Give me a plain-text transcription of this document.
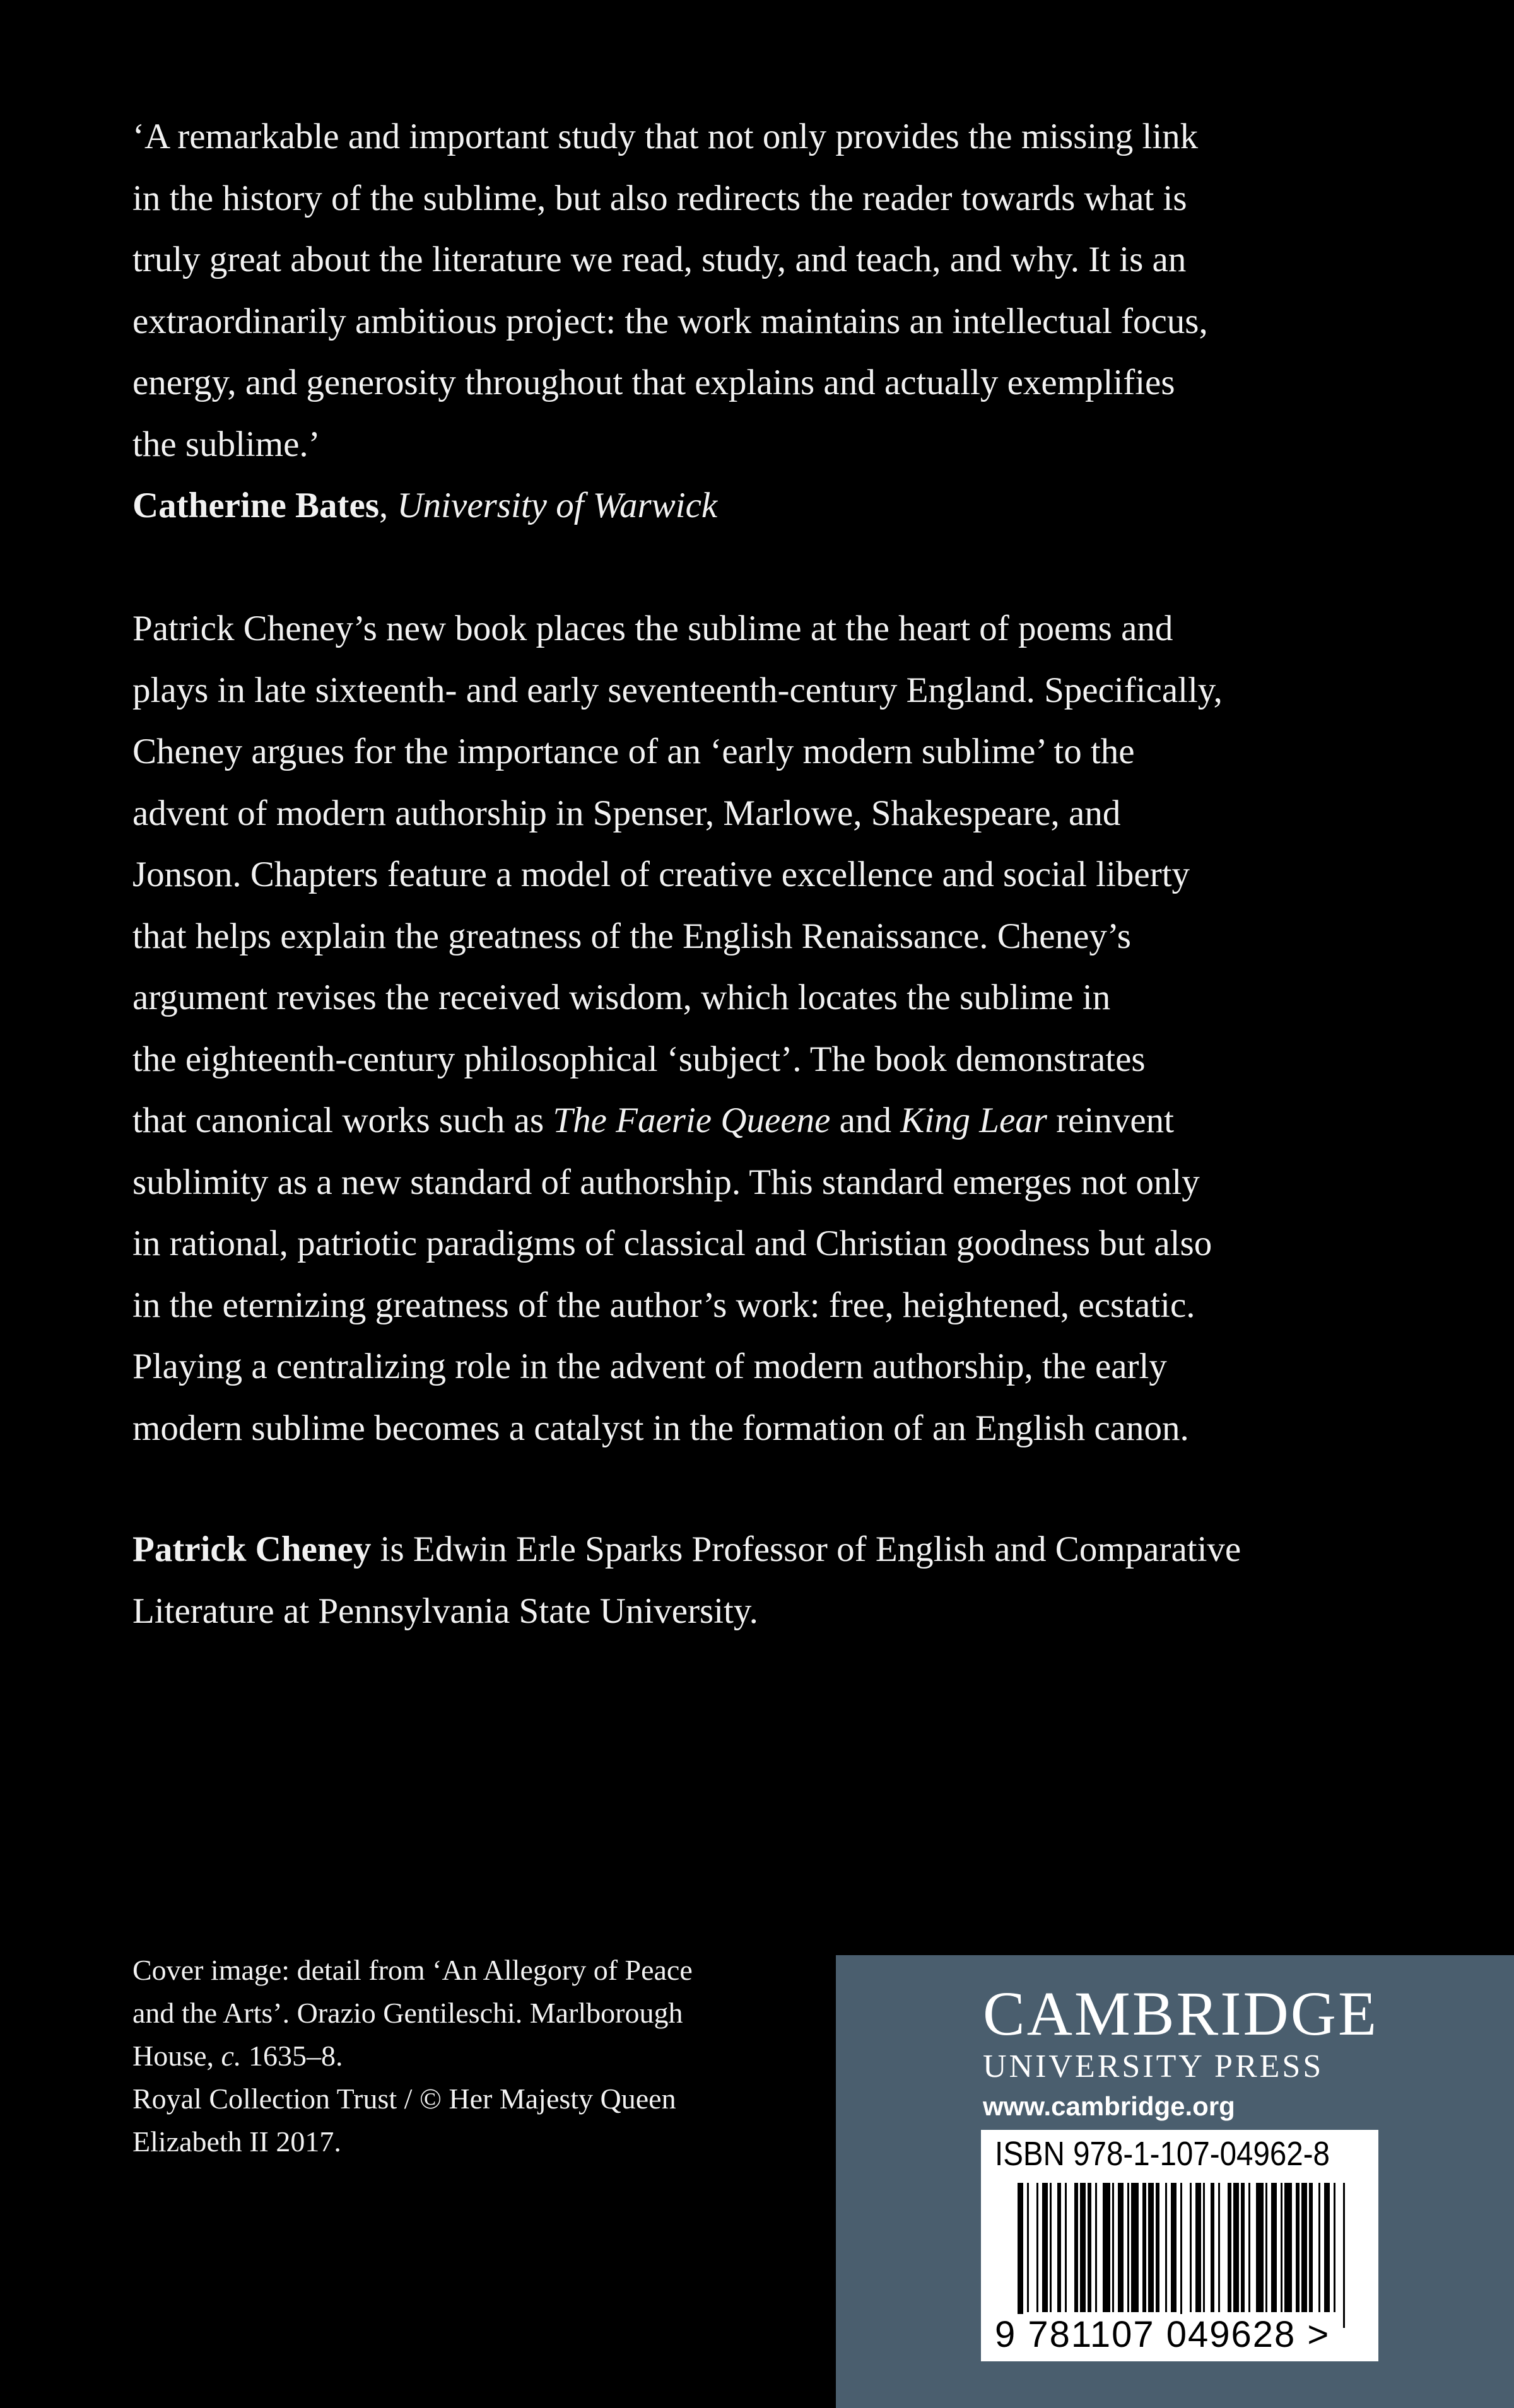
‘A remarkable and important study that not only provides the missing link
in the history of the sublime, but also redirects the reader towards what is
truly great about the literature we read, study, and teach, and why. It is an
extraordinarily ambitious project: the work maintains an intellectual focus,
energy, and generosity throughout that explains and actually exemplifies
the sublime.’
Catherine Bates, University of Warwick
Patrick Cheney’s new book places the sublime at the heart of poems and
plays in late sixteenth- and early seventeenth-century England. Specifically,
Cheney argues for the importance of an ‘early modern sublime’ to the
advent of modern authorship in Spenser, Marlowe, Shakespeare, and
Jonson. Chapters feature a model of creative excellence and social liberty
that helps explain the greatness of the English Renaissance. Cheney’s
argument revises the received wisdom, which locates the sublime in
the eighteenth-century philosophical ‘subject’. The book demonstrates
that canonical works such as The Faerie Queene and King Lear reinvent
sublimity as a new standard of authorship. This standard emerges not only
in rational, patriotic paradigms of classical and Christian goodness but also
in the eternizing greatness of the author’s work: free, heightened, ecstatic.
Playing a centralizing role in the advent of modern authorship, the early
modern sublime becomes a catalyst in the formation of an English canon.
Patrick Cheney is Edwin Erle Sparks Professor of English and Comparative
Literature at Pennsylvania State University.
Cover image: detail from ‘An Allegory of Peace
and the Arts’. Orazio Gentileschi. Marlborough
House, c. 1635–8.
Royal Collection Trust / © Her Majesty Queen
Elizabeth II 2017.
CAMBRIDGE
UNIVERSITY PRESS
www.cambridge.org
ISBN 978-1-107-04962-8
9 781107 049628 >
